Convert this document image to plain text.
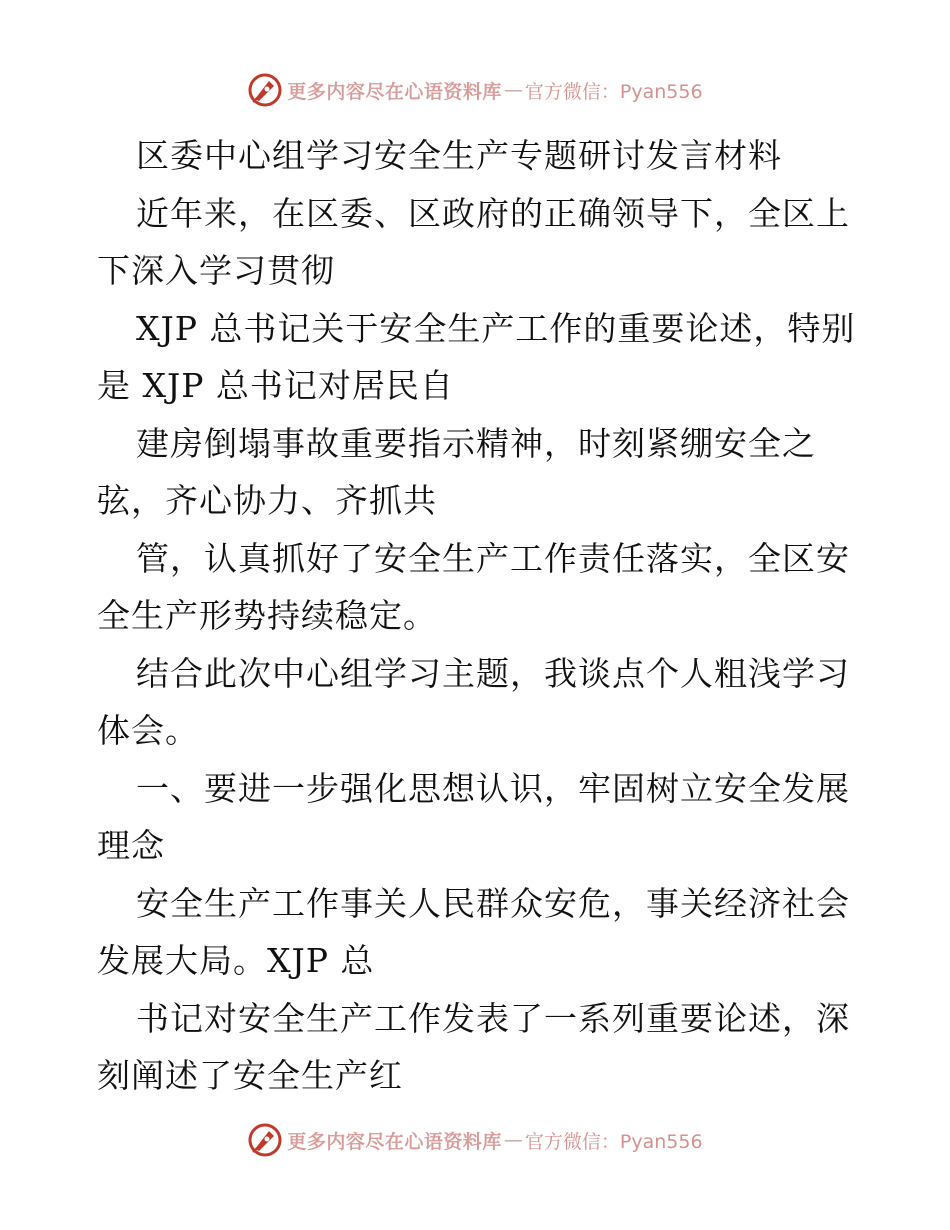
更多内容尽在心语资料库 — 官方微信：Pyan556
区委中心组学习安全生产专题研讨发言材料
近年来，在区委、区政府的正确领导下，全区上
下深入学习贯彻
XJP 总书记关于安全生产工作的重要论述，特别
是 XJP 总书记对居民自
建房倒塌事故重要指示精神，时刻紧绷安全之
弦，齐心协力、齐抓共
管，认真抓好了安全生产工作责任落实，全区安
全生产形势持续稳定。
结合此次中心组学习主题，我谈点个人粗浅学习
体会。
一、要进一步强化思想认识，牢固树立安全发展
理念
安全生产工作事关人民群众安危，事关经济社会
发展大局。XJP 总
书记对安全生产工作发表了一系列重要论述，深
刻阐述了安全生产红
更多内容尽在心语资料库 — 官方微信：Pyan556
